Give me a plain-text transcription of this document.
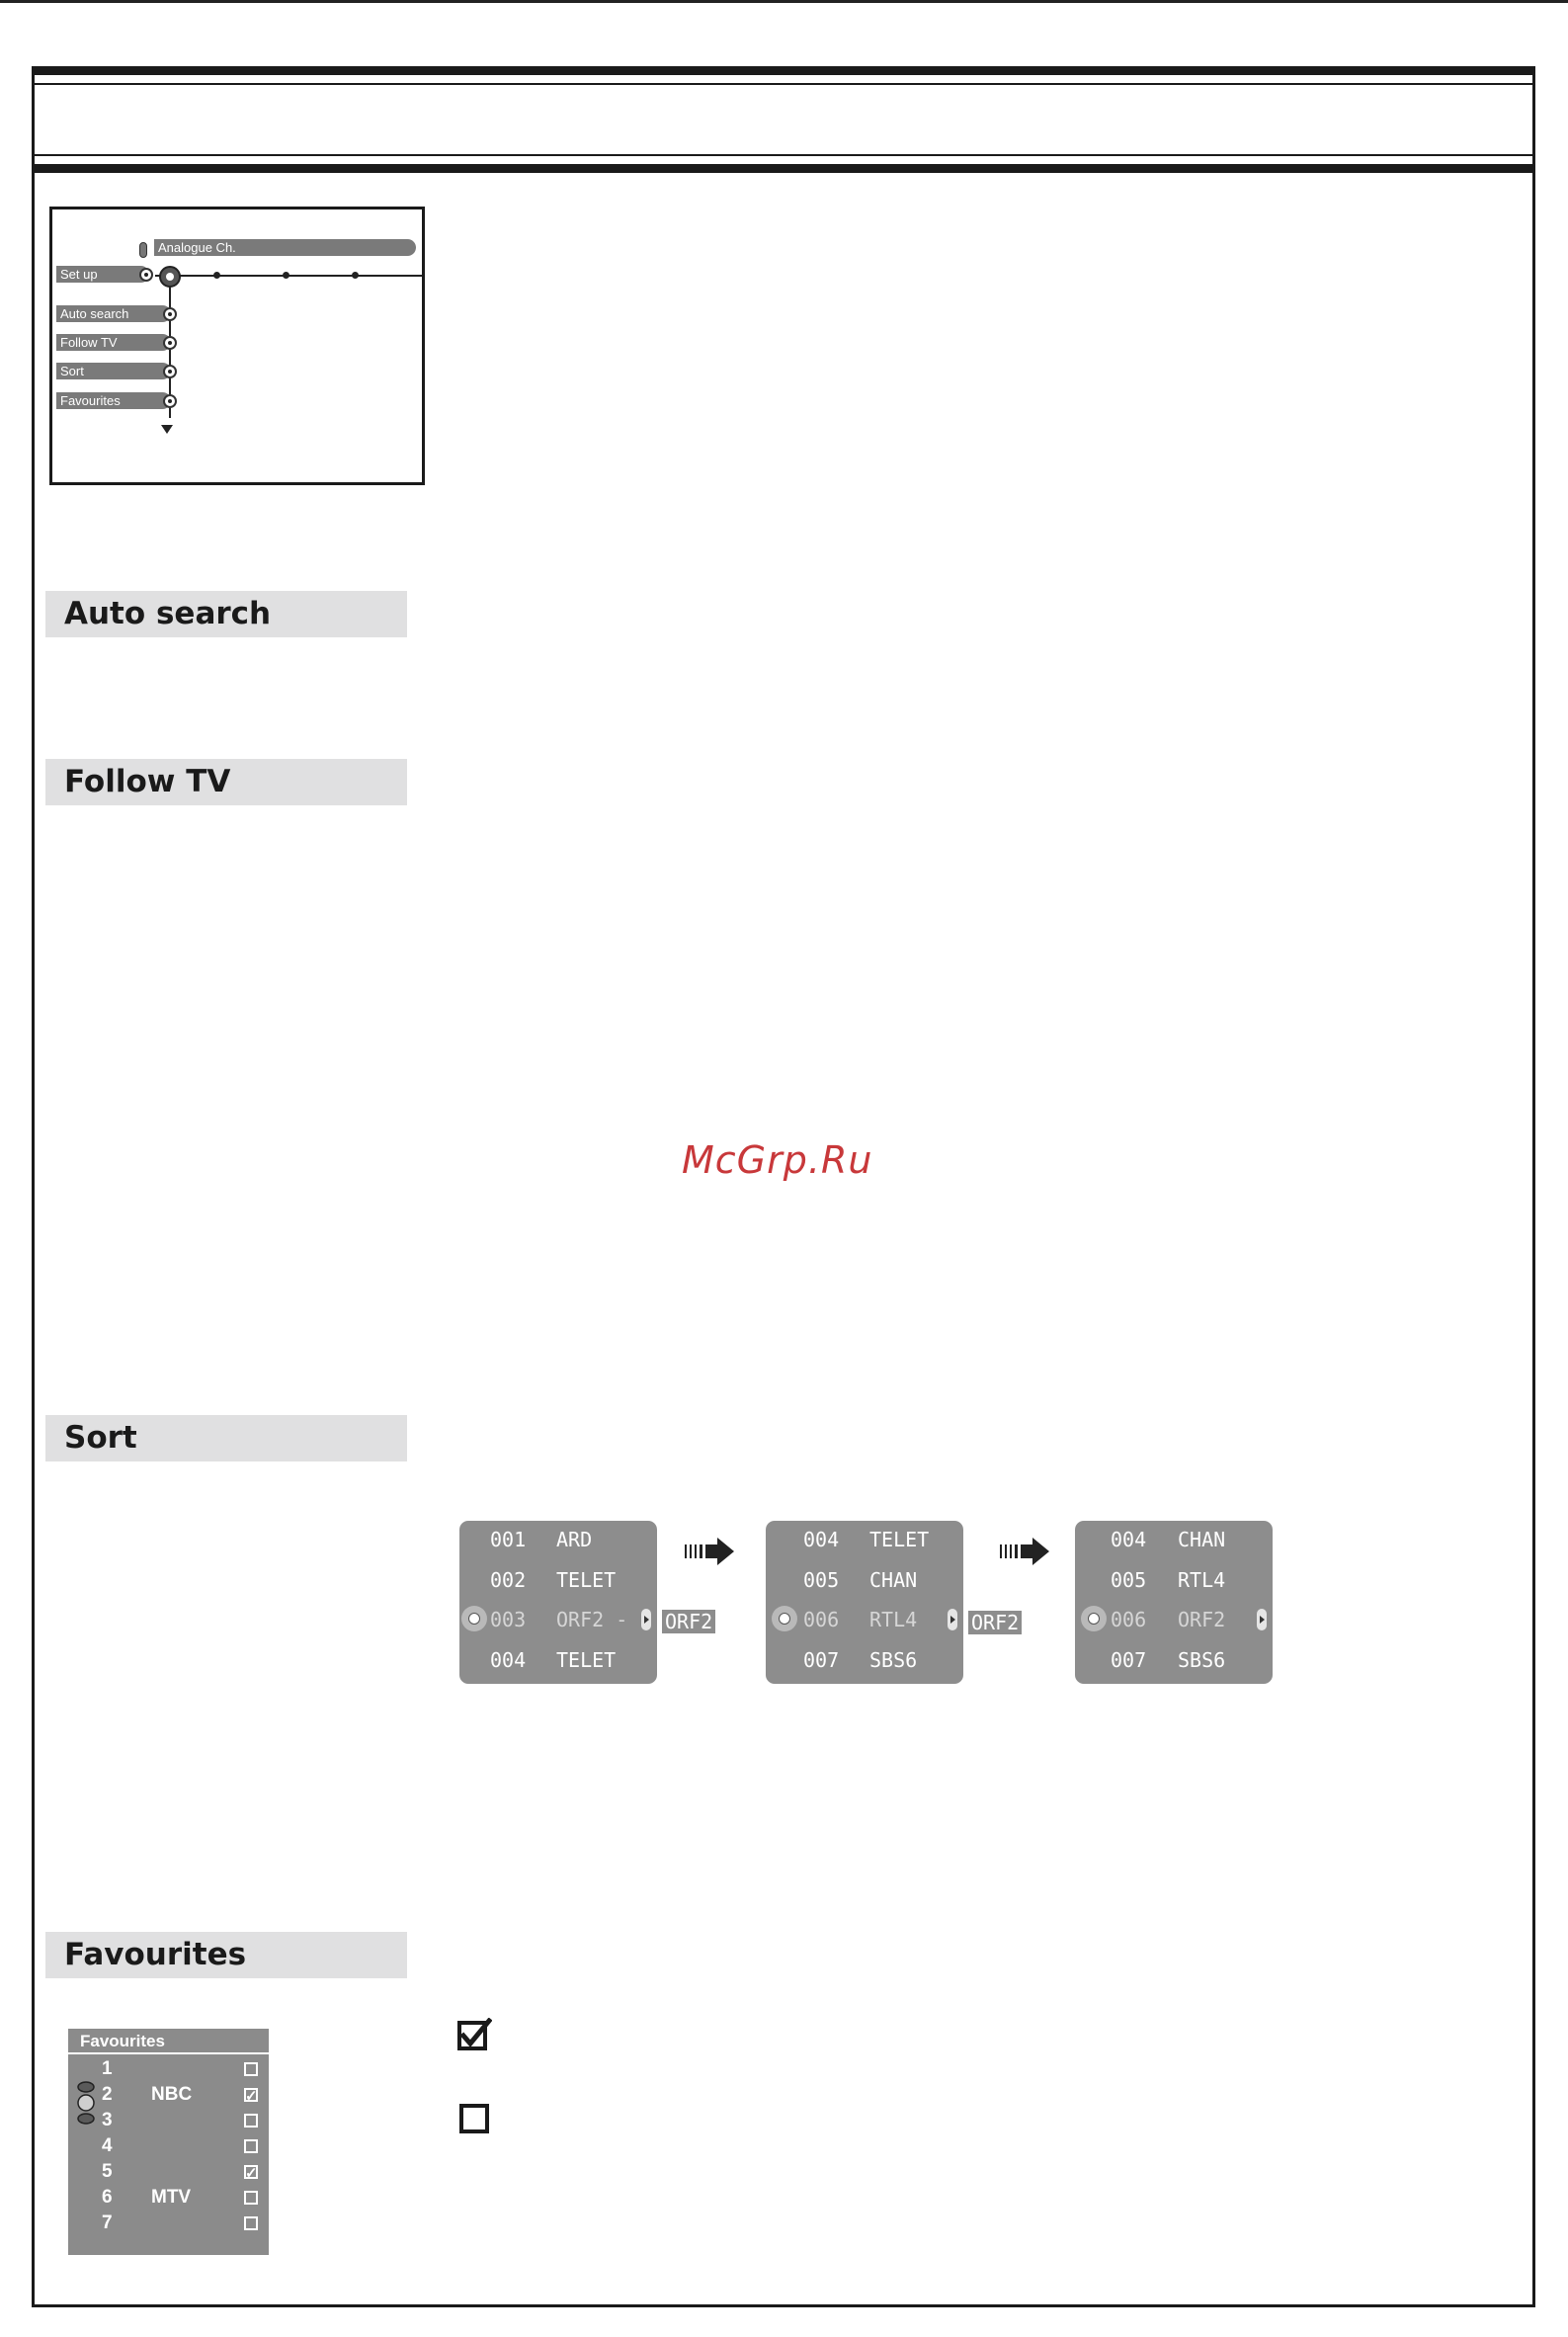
Analogue Ch.
Set up
Auto search
Follow TV
Sort
Favourites
Auto search
Follow TV
Sort
Favourites
McGrp.Ru
001 ARD
002 TELET
003 ORF2 -
004 TELET
ORF2
004 TELET
005 CHAN
006 RTL4
007 SBS6
ORF2
004 CHAN
005 RTL4
006 ORF2
007 SBS6
Favourites
1
2 NBC
✓
3
4
5
✓
6 MTV
7
